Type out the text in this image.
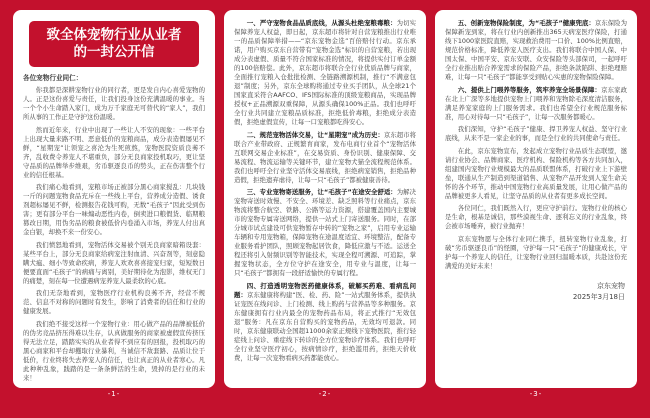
致全体宠物行业从业者
的一封公开信

各位宠物行业同仁：

你我都是深耕宠物行业的同行者，更是发自内心喜爱宠物的人。正是这份喜爱与责任，让我们投身这份充满温暖的事业。当一个个小生命踏入家门，成为万千家庭无可替代的“家人”，我们所从事的工作正是守护这份温暖。

然而近年来，行业中出现了一些让人不安的现象：一些平台上出现大量来路不明、恶意低价的宠粮商品，成分表造假屡见不鲜，“星期宠”让领宠之喜沦为生死煎熬，宠物医院资质良莠不齐，乱收费令养宠人不堪重负，部分无良商家投机取巧，更让坚守品质的品牌举步维艰，劣币驱逐良币的势头，正在伤害整个行业的信任根基。

我们痛心地看到，宠粮市场正被部分黑心商家搅乱：几块钱一斤的问题宠物食品充斥在一些线上平台，营养成分造假、诱食剂超标屡见不鲜，检测报告花钱可购，无数“毛孩子”因此受到伤害；更有部分平台一味煽动恶性内卷，倒卖进口粮假货、临期粮篡改日期，用伪劣品的粮食被低价内卷涌入市场，养宠人付出真金白银，却换不来一份安心。

我们愤怒地看到，宠物活体交易被个别无良商家暗箱设套：某些平台上，部分无良商家给病宠注射血清、兴奋剂等，刻意隐瞒犬瘟、细小等致命疾病，养宠人欢欢喜喜接宠归家，短短数日便要直面“毛孩子”的病痛与离别，美好期待化为泡影，维权无门的痛楚，刻在每一位遭遇病宠养宠人最柔软的心底。

我们无奈地看到，宠物医疗行业机构良莠不齐，经营不规范、信息不对称的问题时有发生，影响了消费者的信任和行业的健康发展。

我们绝不接受这样一个宠物行业：用心做产品的品牌被低价的伪劣竞品挤压得难以生存，认真做服务的商家被虚假宣传挤压得无法立足，踏踏实实的从业者得不到应有的回报，投机取巧的黑心商家和平台却攫取行业暴利，当诚信不敌套路、品质让位于低价，行业终将失去养宠人的信任，也让真正的从业者寒心。凡此种种乱象，践踏的是一条条鲜活的生命，毁掉的是行业的未来！

-1-

一、严守宠物食品品质底线，从源头杜绝宠粮毒粮：为切实保障养宠人权益，即日起，京东超市将针对自营宠粮推出行业唯一的品质保障举措——“京东宠物金选”百倍赔付行动。京东承诺，用户购买京东自营带有“宠物金选”标识的自营宠粮，若出现成分表虚假、质量不符合国家标准的情况，将提供实付订单金额的100倍赔偿。此外，京东超市将联合全行业优质品牌与商家，全面推行宠粮入仓批批检测、全链路溯源机制，推行“不满意包退”制度；另外，京东全球购将通过专业买手团队，从全球21个国家直采符合AAFCO、IFS国际标准的顶级宠粮商品，实现品牌授权+正品溯源双重保障，从源头确保100%正品。我们也呼吁全行业共同建立宠粮品质标准，拒绝低价毒粮，拒绝成分表造假，拒绝虚假宣传，让每一口宠粮都吃得安心。

二、规范宠物活体交易，让“星期宠”成为历史：京东超市将联合产业带政府、正规繁育商家，发布电商行业首个“宠物活体互联网交易企业标准”，在交易资质、身份识别、健康保障、交易流程、物流运输等关键环节，建立宠物犬猫全流程规范体系。我们也呼吁全行业坚守活体交易底线，拒绝病宠销售，拒绝品种造假，拒绝遗弃虐待，让每一只“毛孩子”都被健康善待。

三、专业宠物寄送服务，让“毛孩子”在途安全舒适：为解决宠物寄送时效慢、不安全、环境差、缺乏照料等行业痛点，京东物流将整合航空、铁路、公路等运力资源，搭建覆盖国内主要城市的宠物专属寄送网络，提供一站式上门寄送服务。同时，在部分城市试点建设可供宠物暂存中转的“宠物之家”，启用专业运输车辆和专用宠物箱，保障宠物在途温度适宜、环境整洁，配备专业服务看护团队，照顾宠物起居饮食，降低应激与不适。运送全程还将引入射频识别等智能技术，实现全程可溯源、可追踪，掌握宠物状态，全方位守护在途安全，用专业与温度，让每一只“毛孩子”都拥有一段舒适愉快的专属行程。

四、打造透明宠物医药健康体系，破解买药难、看病乱问题：京东健康将构建“医、检、药、险”一站式服务体系，提供执证宠医在线问诊、上门检测、线上购药与营养品等多种服务。京东健康拥有行业内最全的宠物药品布局，将正式推行“无效包退”服务：凡在京东自营购买的宠物药品，无效均可退款。同时，京东健康联动全国超11000余家正规线下宠物医院，推行轻症线上问诊、重症线下转诊的全方位宠物诊疗体系。我们也呼吁全行业坚守医疗初心，按病情诊疗，拒绝滥用药，拒绝天价收费，让每一次宠物看病买药都能放心。

-2-

五、创新宠物保险制度，为“毛孩子”健康兜底：京东保险为保障新宠到家，将在行业内创新推出365天病宠医疗保险，打通线下1000家医院直赔，实现救治费用一口价、100%比例直赔，规范价格标准，降低养宠人医疗支出。我们将联合中国人保、中国太保、中国平安、京东安联、众安保险等头部保司，一起呼吁全行业推出贴合养宠需求的保险产品，拒绝条款陷阱、拒绝理赔难，让每一只“毛孩子”都能享受到贴心实惠的宠物保险保障。

六、提供上门喂养等服务，筑牢养宠全场景保障：京东家政在北上广深等多地提供宠物上门喂养和宠物除毛深度清洁服务，满足养宠家庭的上门服务需求。我们也希望全行业规范服务标准，用心对待每一只“毛孩子”，让每一次服务都暖心。

我们深知，守护“毛孩子”健康、捍卫养宠人权益、坚守行业底线，从来不是一家企业的事，而是全行业的共同使命与责任。

在此，京东宠物宣布，发起成立宠物行业品质生态联盟，邀请行业协会、品牌商家、医疗机构、保险机构等各方共同加入，组建国内宠物行业规模最大的品质联盟体系，打破行业上下游壁垒，联通从生产制造到渠道销售、从宠物产品开发到人宠生命关怀的各个环节，推动中国宠物行业高质量发展，让用心做产品的品牌被更多人看见，让坚守品质的从业者有更多成长空间。

各位同仁，我们既然入行，更应守护前行。宠物行业的核心是生命，根基是诚信，那些漠视生命、逐利忘义的行业乱象，终会被市场唾弃，被行业抛弃！

京东宠物愿与全体行业同仁携手，扭转宠物行业乱象，打破“劣币驱逐良币”的怪圈，守护每一只“毛孩子”的健康成长，守护每一个养宠人的信任，让宠物行业回归温暖本质，共赴这份充满爱的美好未来！

京东宠物
2025年3月18日
-3-
